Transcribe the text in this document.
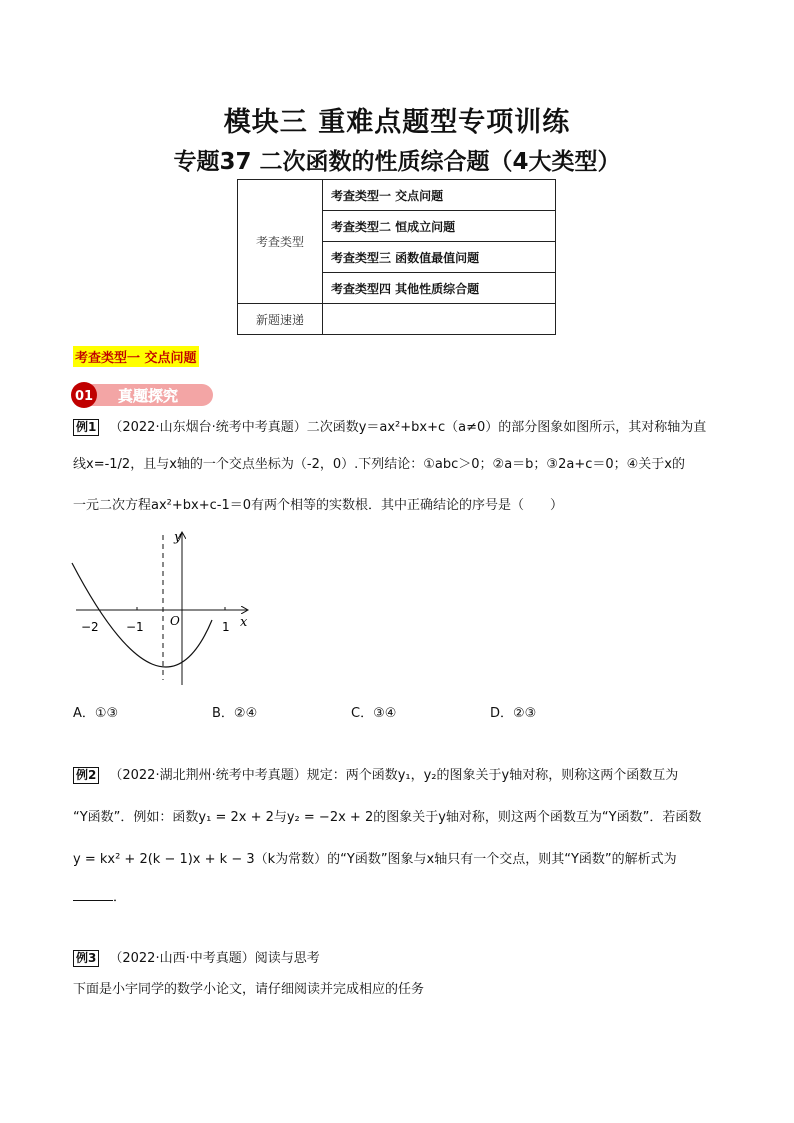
模块三 重难点题型专项训练
专题37 二次函数的性质综合题（4大类型）
考查类型	考查类型一 交点问题
	考查类型二 恒成立问题
	考查类型三 函数值最值问题
	考查类型四 其他性质综合题
新题速递	
考查类型一 交点问题
01 真题探究
例1 （2022·山东烟台·统考中考真题）二次函数y＝ax²+bx+c（a≠0）的部分图象如图所示，其对称轴为直
线x=-1/2，且与x轴的一个交点坐标为（-2，0）.下列结论：①abc＞0；②a＝b；③2a+c＝0；④关于x的
一元二次方程ax²+bx+c-1＝0有两个相等的实数根．其中正确结论的序号是（　　）
y
x
O
−2 −1	1
A．①③	B．②④	C．③④	D．②③
例2 （2022·湖北荆州·统考中考真题）规定：两个函数y₁，y₂的图象关于y轴对称，则称这两个函数互为
“Y函数”．例如：函数y₁ = 2x + 2与y₂ = −2x + 2的图象关于y轴对称，则这两个函数互为“Y函数”．若函数
y = kx² + 2(k − 1)x + k − 3（k为常数）的“Y函数”图象与x轴只有一个交点，则其“Y函数”的解析式为
．
例3 （2022·山西·中考真题）阅读与思考
下面是小宇同学的数学小论文，请仔细阅读并完成相应的任务
